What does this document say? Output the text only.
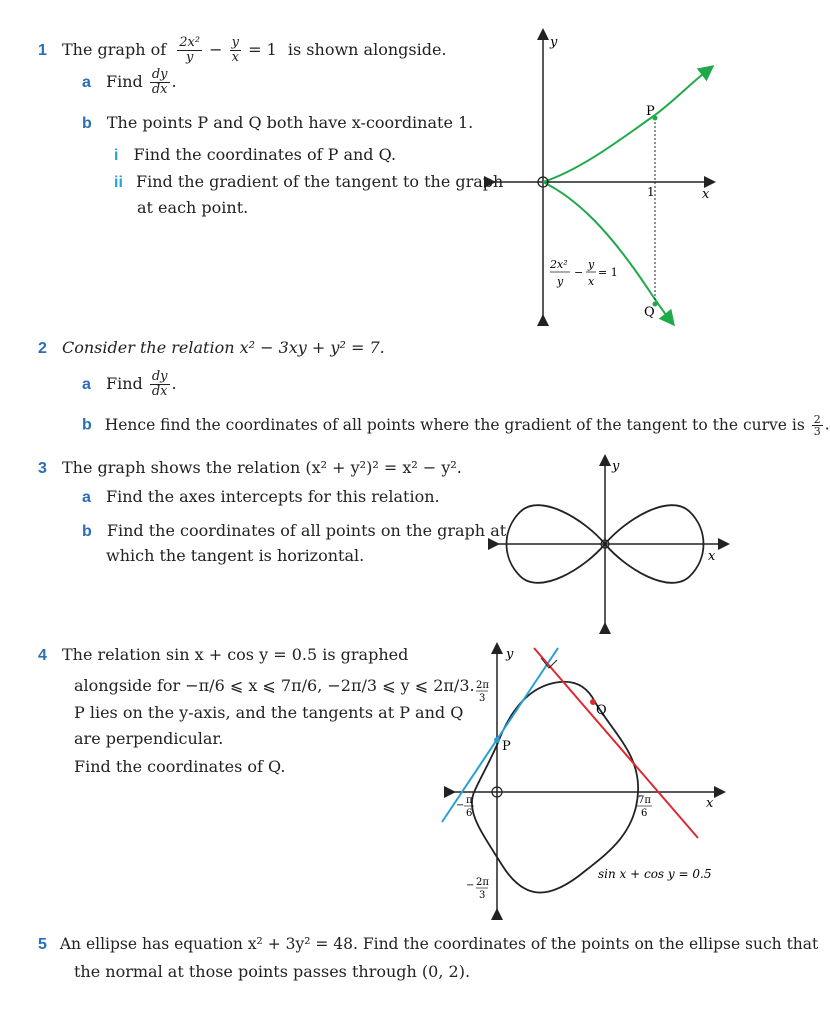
1 The graph of $\frac{\text{2x²}}{y} - \frac{y}{x} = 1$ is shown alongside.
a Find $\frac{dy}{dx}$ .
b The points P and Q both have x-coordinate 1.
i Find the coordinates of P and Q.
ii Find the gradient of the tangent to the graph
at each point.
P
Q
1
y
x
2x²
y
−
y
x
= 1
2 Consider the relation x² − 3xy + y² = 7.
a Find $\frac{dy}{dx}$ .
b Hence find the coordinates of all points where the gradient of the tangent to the curve is $\frac{2}{3}$ .
3 The graph shows the relation (x² + y²)² = x² − y².
a Find the axes intercepts for this relation.
b Find the coordinates of all points on the graph at
which the tangent is horizontal.
y
x
4 The relation sin x + cos y = 0.5 is graphed
alongside for −π/6 ⩽ x ⩽ 7π/6, −2π/3 ⩽ y ⩽ 2π/3.
P lies on the y-axis, and the tangents at P and Q
are perpendicular.
Find the coordinates of Q.
P
Q
y
x
2π
3
− 2π
3
− π
6
7π
6
sin x + cos y = 0.5
5 An ellipse has equation x² + 3y² = 48. Find the coordinates of the points on the ellipse such that
the normal at those points passes through (0, 2).
